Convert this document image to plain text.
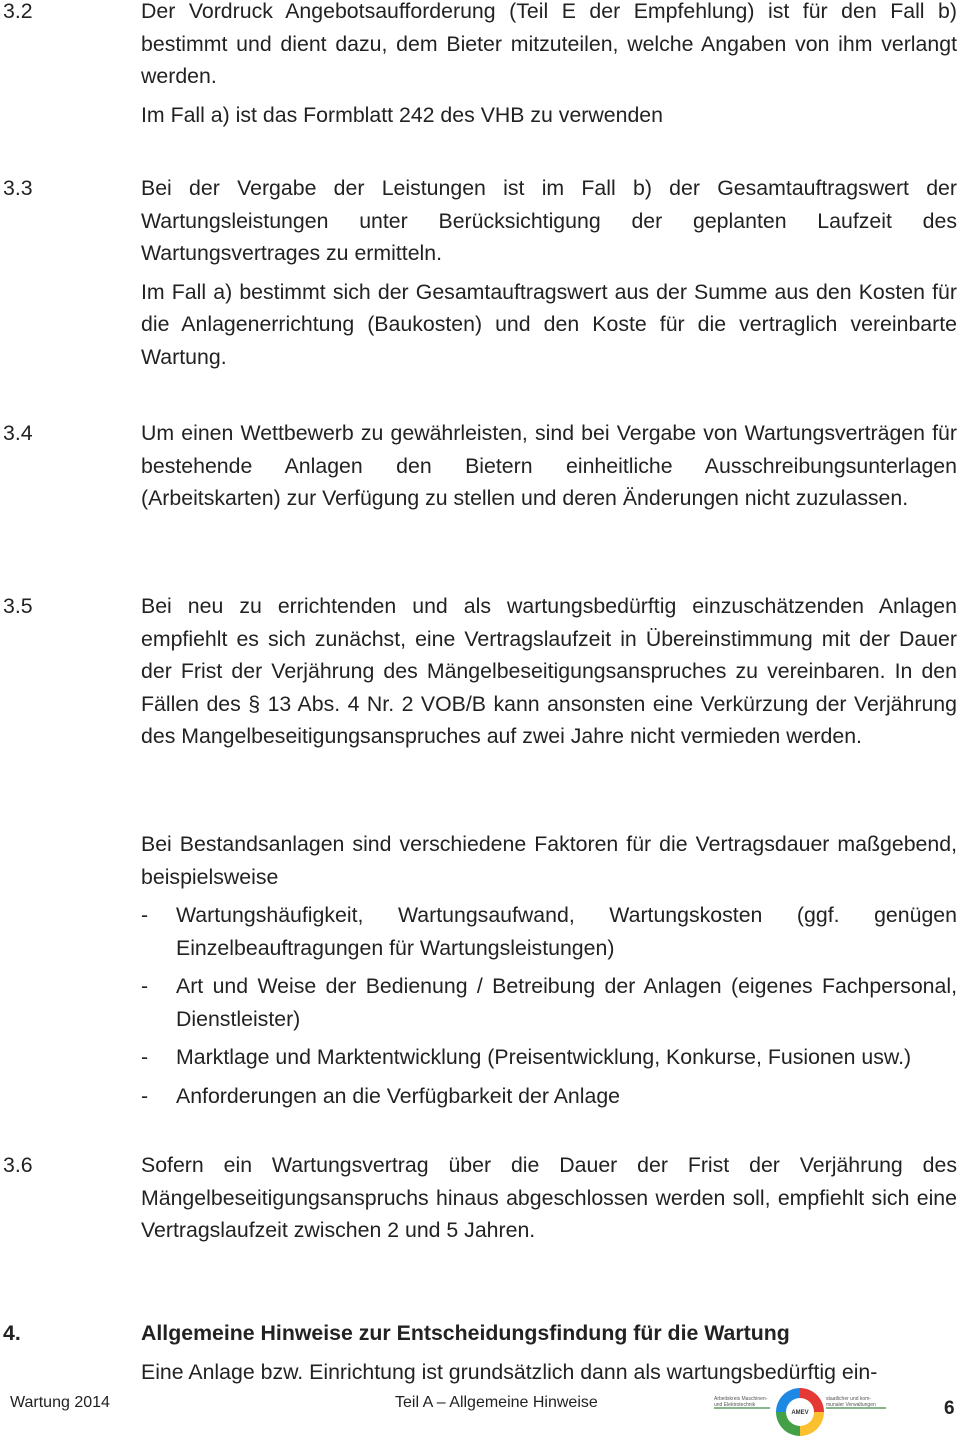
3.2	Der Vordruck Angebotsaufforderung (Teil E der Empfehlung) ist für den Fall b) bestimmt und dient dazu, dem Bieter mitzuteilen, welche Angaben von ihm verlangt werden.
Im Fall a) ist das Formblatt 242 des VHB zu verwenden
3.3	Bei der Vergabe der Leistungen ist im Fall b) der Gesamtauftragswert der Wartungsleistungen unter Berücksichtigung der geplanten Laufzeit des Wartungsvertrages zu ermitteln.
Im Fall a) bestimmt sich der Gesamtauftragswert aus der Summe aus den Kosten für die Anlagenerrichtung (Baukosten) und den Koste für die vertraglich vereinbarte Wartung.
3.4	Um einen Wettbewerb zu gewährleisten, sind bei Vergabe von Wartungsverträgen für bestehende Anlagen den Bietern einheitliche Ausschreibungsunterlagen (Arbeitskarten) zur Verfügung zu stellen und deren Änderungen nicht zuzulassen.
3.5	Bei neu zu errichtenden und als wartungsbedürftig einzuschätzenden Anlagen empfiehlt es sich zunächst, eine Vertragslaufzeit in Übereinstimmung mit der Dauer der Frist der Verjährung des Mängelbeseitigungsanspruches zu vereinbaren. In den Fällen des § 13 Abs. 4 Nr. 2 VOB/B kann ansonsten eine Verkürzung der Verjährung des Mangelbeseitigungsanspruches auf zwei Jahre nicht vermieden werden.
Bei Bestandsanlagen sind verschiedene Faktoren für die Vertragsdauer maßgebend, beispielsweise
- Wartungshäufigkeit, Wartungsaufwand, Wartungskosten (ggf. genügen Einzelbeauftragungen für Wartungsleistungen)
- Art und Weise der Bedienung / Betreibung der Anlagen (eigenes Fachpersonal, Dienstleister)
- Marktlage und Marktentwicklung (Preisentwicklung, Konkurse, Fusionen usw.)
- Anforderungen an die Verfügbarkeit der Anlage
3.6	Sofern ein Wartungsvertrag über die Dauer der Frist der Verjährung des Mängelbeseitigungsanspruchs hinaus abgeschlossen werden soll, empfiehlt sich eine Vertragslaufzeit zwischen 2 und 5 Jahren.
4.	Allgemeine Hinweise zur Entscheidungsfindung für die Wartung
Eine Anlage bzw. Einrichtung ist grundsätzlich dann als wartungsbedürftig ein-
Wartung 2014	Teil A – Allgemeine Hinweise	Arbeitskreis Maschinen-
und Elektrotechnik
AMEV
staatlicher und kom-
munaler Verwaltungen	6
